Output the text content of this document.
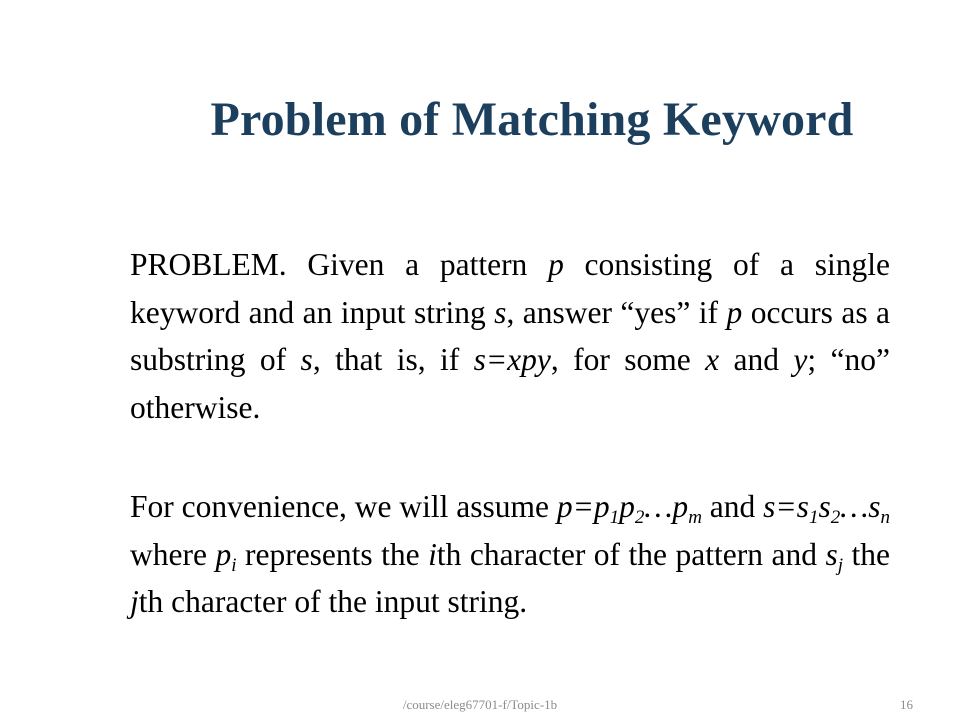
Problem of Matching Keyword

PROBLEM. Given a pattern p consisting of a single keyword and an input string s, answer “yes” if p occurs as a substring of s, that is, if s=xpy, for some x and y; “no” otherwise.

For convenience, we will assume $p=p_1p_2\dots p_m$ and $s=s_1s_2\dots s_n$ where $p_i$ represents the ith character of the pattern and $s_j$ the jth character of the input string.

/course/eleg67701-f/Topic-1b	16
